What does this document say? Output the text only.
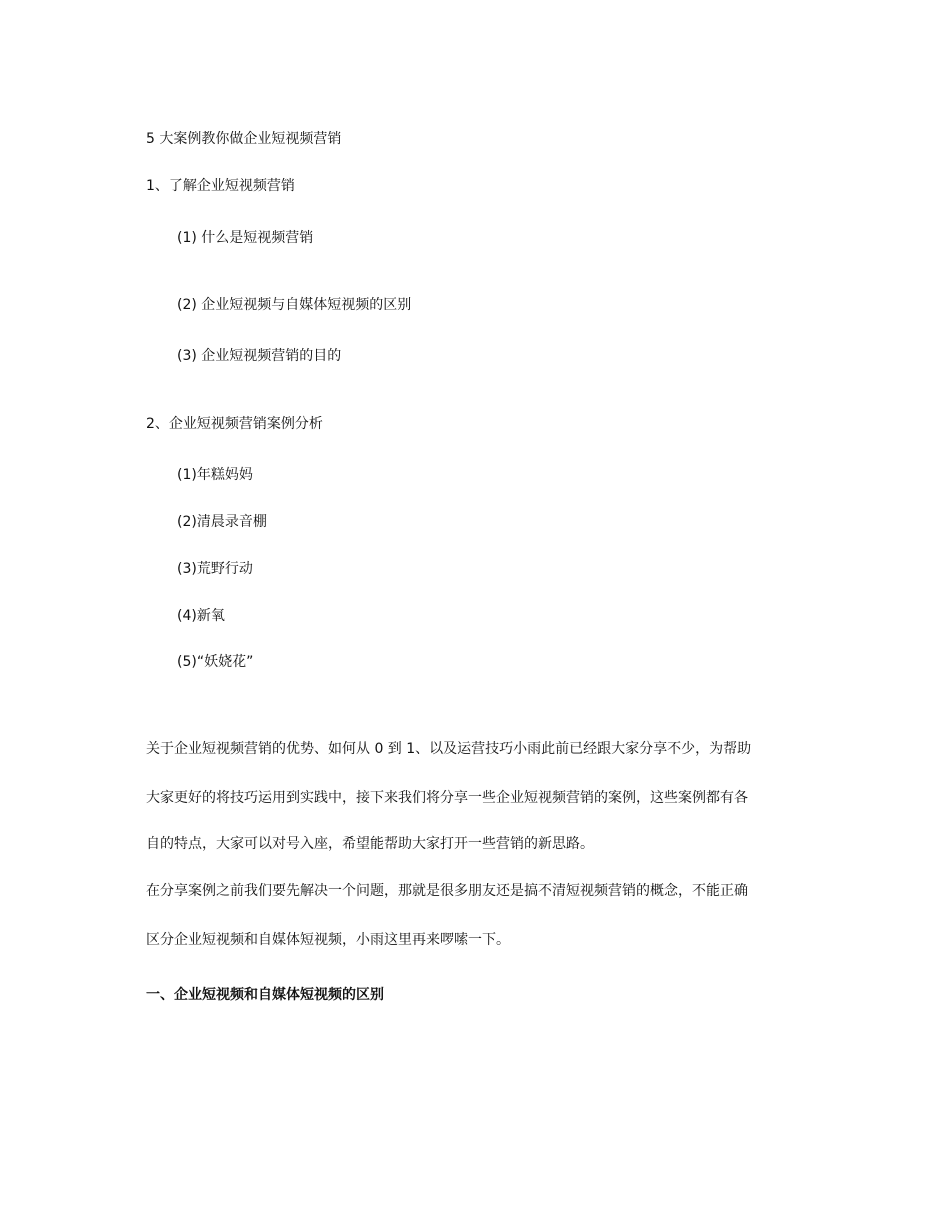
5 大案例教你做企业短视频营销
1、了解企业短视频营销
(1) 什么是短视频营销
(2) 企业短视频与自媒体短视频的区别
(3) 企业短视频营销的目的
2、企业短视频营销案例分析
(1)年糕妈妈
(2)清晨录音棚
(3)荒野行动
(4)新氧
(5)“妖娆花”
关于企业短视频营销的优势、如何从 0 到 1、以及运营技巧小雨此前已经跟大家分享不少，为帮助
大家更好的将技巧运用到实践中，接下来我们将分享一些企业短视频营销的案例，这些案例都有各
自的特点，大家可以对号入座，希望能帮助大家打开一些营销的新思路。
在分享案例之前我们要先解决一个问题，那就是很多朋友还是搞不清短视频营销的概念，不能正确
区分企业短视频和自媒体短视频，小雨这里再来啰嗦一下。
一、企业短视频和自媒体短视频的区别
